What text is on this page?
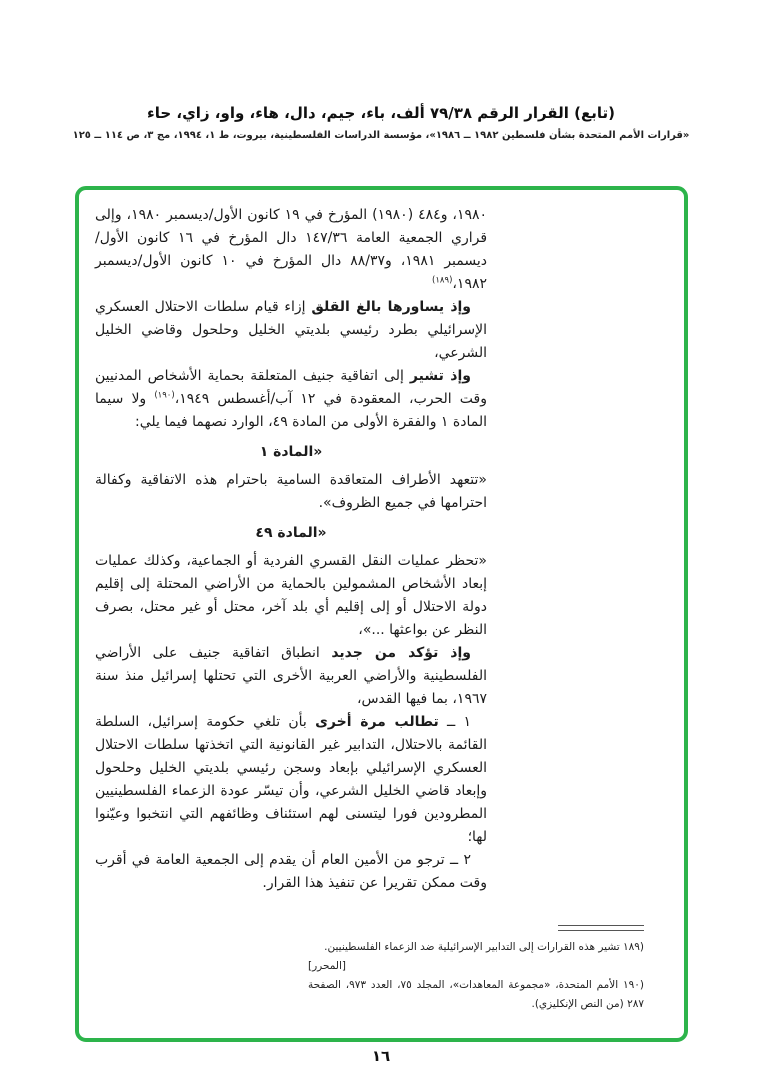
(تابع) القرار الرقم ٧٩/٣٨ ألف، باء، جيم، دال، هاء، واو، زاي، حاء
«قرارات الأمم المتحدة بشأن فلسطين ١٩٨٢ ــ ١٩٨٦»، مؤسسة الدراسات الفلسطينية، بيروت، ط ١، ١٩٩٤، مج ٣، ص ١١٤ ــ ١٢٥

١٩٨٠، و٤٨٤ (١٩٨٠) المؤرخ في ١٩ كانون الأول/ديسمبر ١٩٨٠، وإلى قراري الجمعية العامة ١٤٧/٣٦ دال المؤرخ في ١٦ كانون الأول/ديسمبر ١٩٨١، و٨٨/٣٧ دال المؤرخ في ١٠ كانون الأول/ديسمبر ١٩٨٢،$^{(١٨٩)}$

وإذ يساورها بالغ القلق إزاء قيام سلطات الاحتلال العسكري الإسرائيلي بطرد رئيسي بلديتي الخليل وحلحول وقاضي الخليل الشرعي،

وإذ تشير إلى اتفاقية جنيف المتعلقة بحماية الأشخاص المدنيين وقت الحرب، المعقودة في ١٢ آب/أغسطس ١٩٤٩،$^{(١٩٠)}$ ولا سيما المادة ١ والفقرة الأولى من المادة ٤٩، الوارد نصهما فيما يلي:

«المادة ١

«تتعهد الأطراف المتعاقدة السامية باحترام هذه الاتفاقية وكفالة احترامها في جميع الظروف».

«المادة ٤٩

«تحظر عمليات النقل القسري الفردية أو الجماعية، وكذلك عمليات إبعاد الأشخاص المشمولين بالحماية من الأراضي المحتلة إلى إقليم دولة الاحتلال أو إلى إقليم أي بلد آخر، محتل أو غير محتل، بصرف النظر عن بواعثها ...»،

وإذ تؤكد من جديد انطباق اتفاقية جنيف على الأراضي الفلسطينية والأراضي العربية الأخرى التي تحتلها إسرائيل منذ سنة ١٩٦٧، بما فيها القدس،

١ ــ تطالب مرة أخرى بأن تلغي حكومة إسرائيل، السلطة القائمة بالاحتلال، التدابير غير القانونية التي اتخذتها سلطات الاحتلال العسكري الإسرائيلي بإبعاد وسجن رئيسي بلديتي الخليل وحلحول وإبعاد قاضي الخليل الشرعي، وأن تيسّر عودة الزعماء الفلسطينيين المطرودين فورا ليتسنى لهم استئناف وظائفهم التي انتخبوا وعيّنوا لها؛

٢ ــ ترجو من الأمين العام أن يقدم إلى الجمعية العامة في أقرب وقت ممكن تقريرا عن تنفيذ هذا القرار.

(١٨٩ تشير هذه القرارات إلى التدابير الإسرائيلية ضد الزعماء الفلسطينيين.

[المحرر]

(١٩٠ الأمم المتحدة، «مجموعة المعاهدات»، المجلد ٧٥، العدد ٩٧٣، الصفحة ٢٨٧ (من النص الإنكليزي).

١٦
